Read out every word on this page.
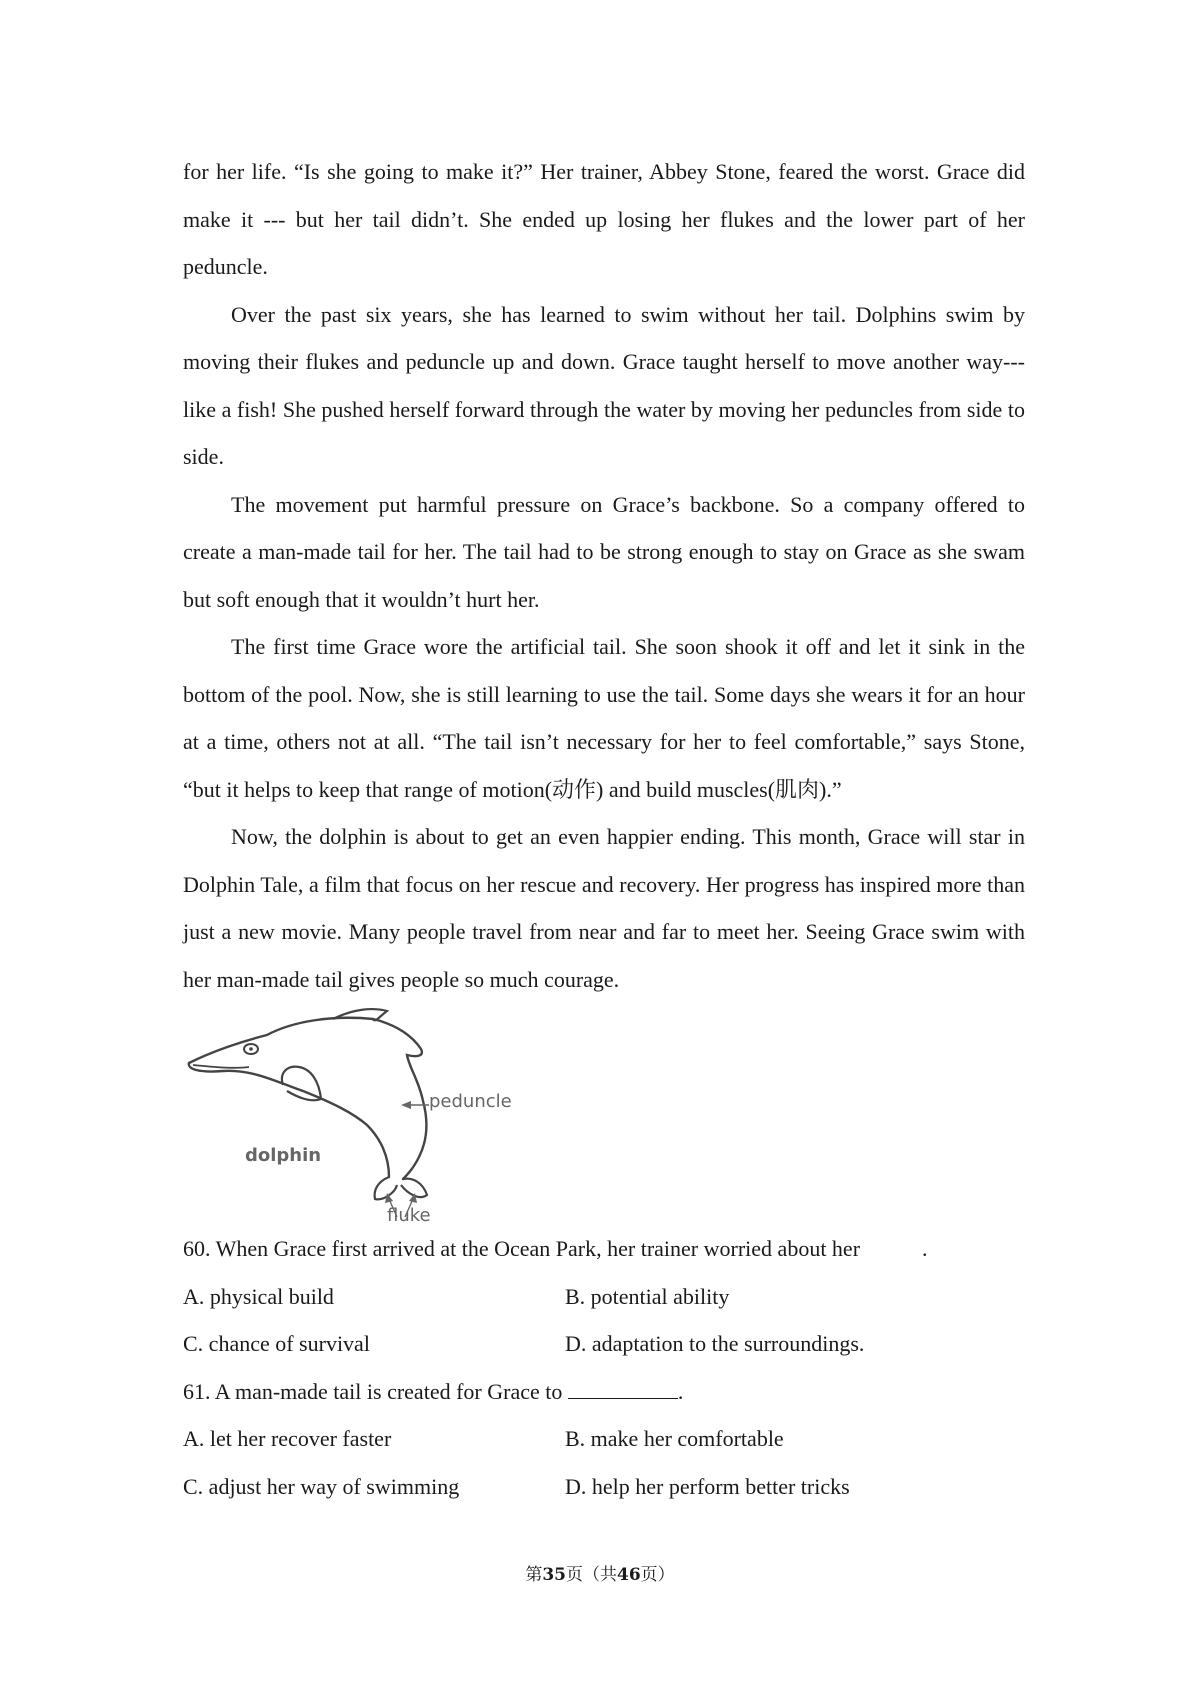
for her life. “Is she going to make it?” Her trainer, Abbey Stone, feared the worst. Grace did make it --- but her tail didn’t. She ended up losing her flukes and the lower part of her peduncle.

Over the past six years, she has learned to swim without her tail. Dolphins swim by moving their flukes and peduncle up and down. Grace taught herself to move another way---like a fish! She pushed herself forward through the water by moving her peduncles from side to side.

The movement put harmful pressure on Grace’s backbone. So a company offered to create a man-made tail for her. The tail had to be strong enough to stay on Grace as she swam but soft enough that it wouldn’t hurt her.

The first time Grace wore the artificial tail. She soon shook it off and let it sink in the bottom of the pool. Now, she is still learning to use the tail. Some days she wears it for an hour at a time, others not at all. “The tail isn’t necessary for her to feel comfortable,” says Stone, “but it helps to keep that range of motion(动作) and build muscles(肌肉).”

Now, the dolphin is about to get an even happier ending. This month, Grace will star in Dolphin Tale, a film that focus on her rescue and recovery. Her progress has inspired more than just a new movie. Many people travel from near and far to meet her. Seeing Grace swim with her man-made tail gives people so much courage.

peduncle
dolphin
fluke

60. When Grace first arrived at the Ocean Park, her trainer worried about her	.

A. physical build	B. potential ability
C. chance of survival	D. adaptation to the surroundings.

61. A man-made tail is created for Grace to	.

A. let her recover faster	B. make her comfortable
C. adjust her way of swimming	D. help her perform better tricks
第35页（共46页）
